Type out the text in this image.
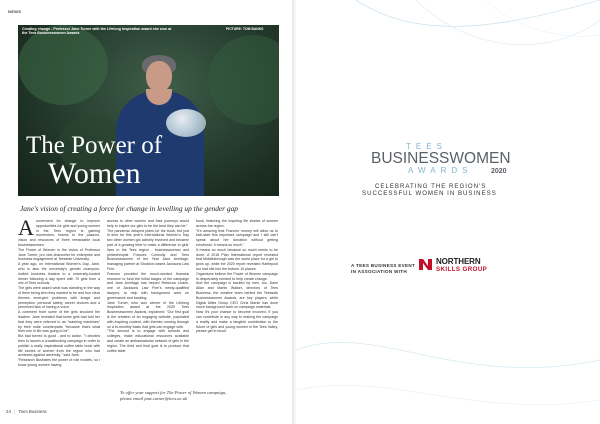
NEWS
Creating change - Professor Jane Turner with the Lifelong Inspiration award she won at the Tees Businesswomen Awards
PICTURE: TOM BANKS
The Power of
Women
Jane's vision of creating a force for change in levelling up the gender gap
A movement for change to improve opportunities for girls and young women in the Tees region is gaining momentum, thanks to the passion, vision and resources of three remarkable local businesswomen.

The Power of Women is the vision of Professor Jane Turner, pro vice-chancellor for enterprise and business engagement at Teesside University.

A year ago, on International Women's Day, Jane, who is also the university's gender champion, invited business leaders to a university-hosted dinner following a day spent with 70 girls from a mix of Tees schools.

The girls were asked what was standing in the way of them being who they wanted to be and four clear themes emerged: problems with image and perception, personal safety, career choices and a perceived lack of having a voice.

A comment from some of the girls shocked the leaders. Jane revealed that some girls had told her that they were referred to as "washing machines" by their male counterparts "because that's what their role in life was going to be".

But bad turned to good - and to action. "I decided then to launch a crowdfunding campaign in order to publish a really inspirational coffee table book with life stories of women from the region who had achieved against adversity," said Jane.

"Research illustrates the power of role models, so I know young women having

access to other women and their journeys would help to inspire our girls to be the best they can be."

The pandemic delayed plans for the book, but just in time for this year's International Women's Day two other women got actively involved and became part of a growing tribe to make a difference to girls' lives in the Tees region - businesswoman and philanthropist Frances Connolly and Tees Businesswomen of the Year Jane Armitage, managing partner at Stockton-based Jacksons Law Firm.

Frances provided the much-needed financial resource to fund the initial stages of the campaign and Jane Armitage has helped Rebecca Leckie, one of Jacksons Law Firm's newly-qualified lawyers, to help with background work on governance and banking.

Jane Turner, who won winner of the Lifelong Inspiration award at the 2020 Tees Businesswomen Awards, explained: "Our first goal is the creation of an engaging website, populated with inspiring content, with themes running through on a bi-monthly basis that girls can engage with.

"The second is to engage with schools and colleges, make educational resources available and create an ambassadorial network of girls in the region. The third and final goal is to produce that coffee table

book, featuring the inspiring life stories of women across the region.

"It's amazing that Frances' money will allow us to kick-start this important campaign and I still can't speak about her donation without getting emotional. It means so much."

It means so much because so much needs to be done. A 2018 Plan International report revealed that Middlesbrough was the worst place for a girl to grow up, while the 2020 report revealed Hartlepool too had slid into the bottom 10 places.

Organisers believe the Power of Women campaign is desperately needed to help create change.

And the campaign is backed by men, too. Dave Allan and Martin Walker, directors of Tees Business, the creative team behind the Teesside Businesswomen Awards, are key players, while Digital Allies Group CEO Chris Marsh has done much background work on campaign materials.

Now it's your chance to become involved. If you can contribute in any way to making the campaign a reality and make a tangible contribution to the future of girls and young women in the Tees Valley, please get in touch.

To offer your support for The Power of Women campaign,
please email jane.turner@tees.ac.uk
24 | Tees Business
TEES
BUSINESSWOMEN
AWARDS	2020
CELEBRATING THE REGION'S
SUCCESSFUL WOMEN IN BUSINESS
A TEES BUSINESS EVENT
IN ASSOCIATION WITH
NORTHERN
SKILLS GROUP
